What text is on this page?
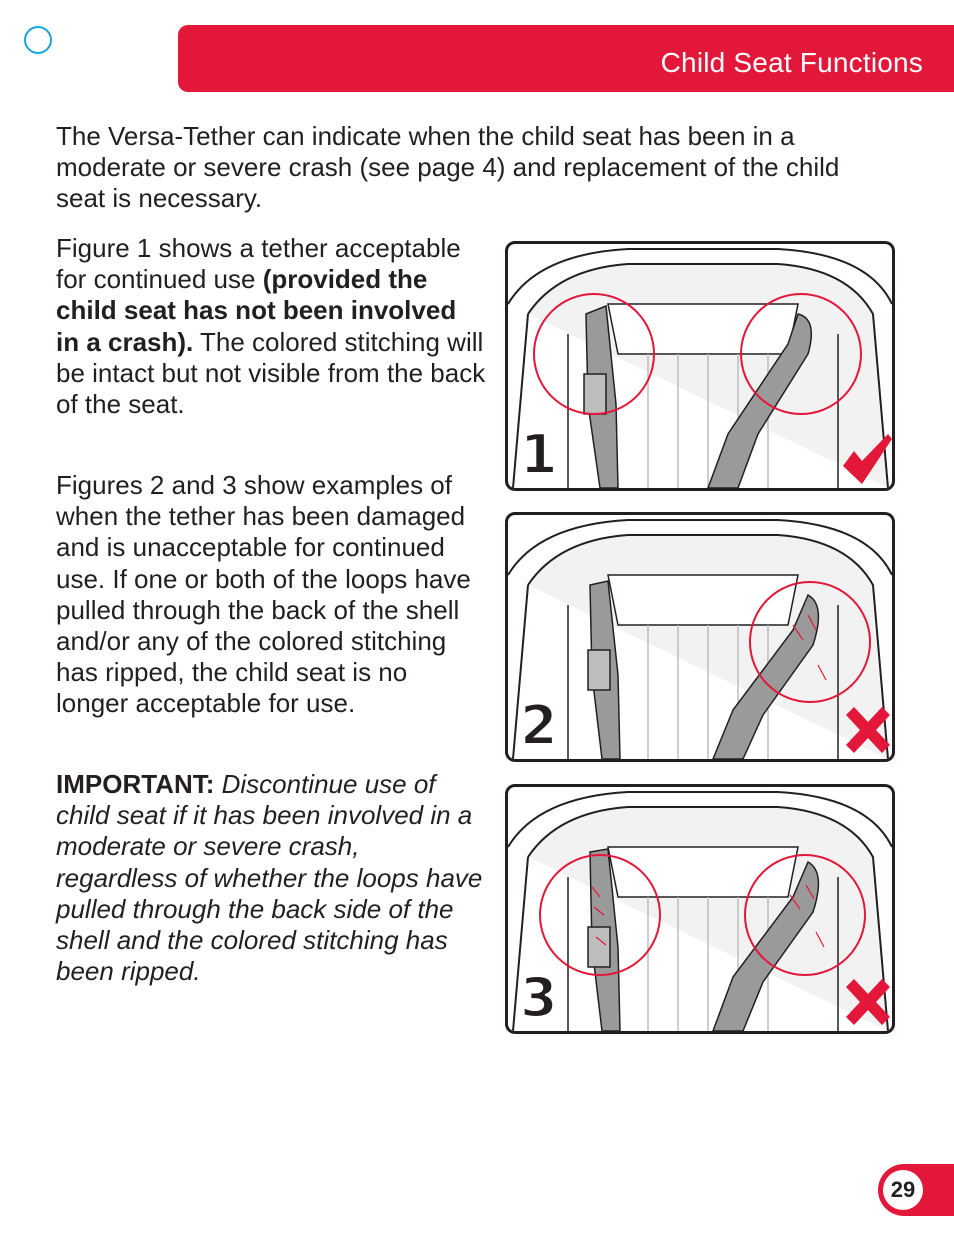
Child Seat Functions

The Versa-Tether can indicate when the child seat has been in a moderate or severe crash (see page 4) and replacement of the child seat is necessary.

Figure 1 shows a tether acceptable for continued use (provided the child seat has not been involved in a crash). The colored stitching will be intact but not visible from the back of the seat.

Figures 2 and 3 show examples of when the tether has been damaged and is unacceptable for continued use. If one or both of the loops have pulled through the back of the shell and/or any of the colored stitching has ripped, the child seat is no longer acceptable for use.

IMPORTANT: Discontinue use of child seat if it has been involved in a moderate or severe crash, regardless of whether the loops have pulled through the back side of the shell and the colored stitching has been ripped.

1
2
3
29
